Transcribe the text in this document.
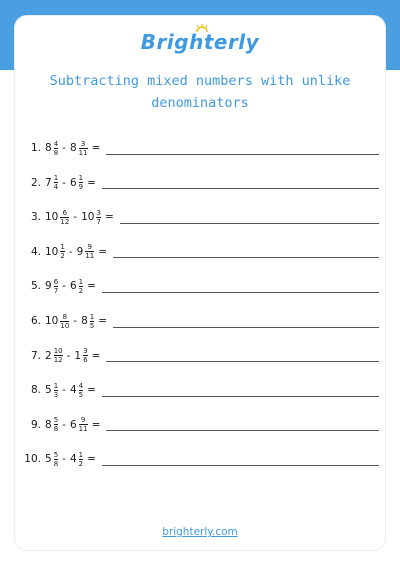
Brighterly
Subtracting mixed numbers with unlike
denominators
1. $8 \frac{4}{8} - 8 \frac{3}{11}$ =
2. $7 \frac{1}{4} - 6 \frac{1}{9}$ =
3. $10 \frac{6}{12} - 10 \frac{3}{7}$ =
4. $10 \frac{1}{2} - 9 \frac{9}{11}$ =
5. $9 \frac{6}{7} - 6 \frac{1}{2}$ =
6. $10 \frac{8}{10} - 8 \frac{1}{5}$ =
7. $2 \frac{10}{12} - 1 \frac{3}{6}$ =
8. $5 \frac{1}{3} - 4 \frac{4}{5}$ =
9. $8 \frac{5}{8} - 6 \frac{9}{11}$ =
10. $5 \frac{5}{8} - 4 \frac{1}{2}$ =
brighterly.com
